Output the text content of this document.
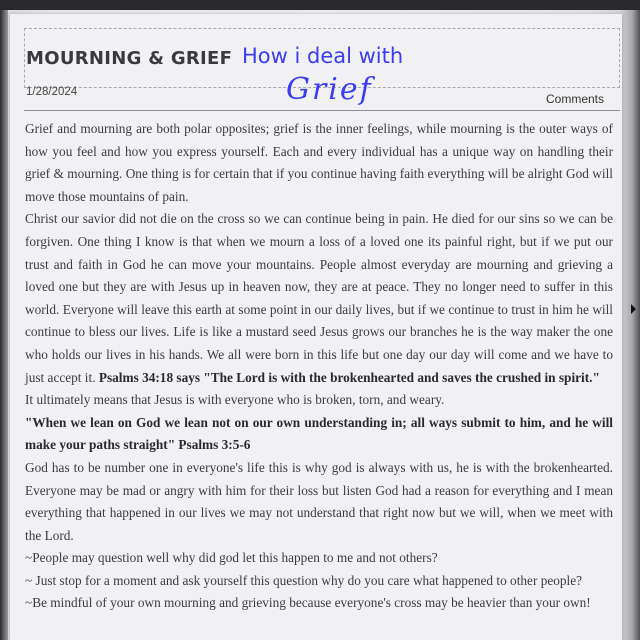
MOURNING & GRIEF How i deal with
Grief
1/28/2024	Comments

Grief and mourning are both polar opposites; grief is the inner feelings, while mourning is the outer ways of how you feel and how you express yourself. Each and every individual has a unique way on handling their grief & mourning. One thing is for certain that if you continue having faith everything will be alright God will move those mountains of pain.

Christ our savior did not die on the cross so we can continue being in pain. He died for our sins so we can be forgiven. One thing I know is that when we mourn a loss of a loved one its painful right, but if we put our trust and faith in God he can move your mountains. People almost everyday are mourning and grieving a loved one but they are with Jesus up in heaven now, they are at peace. They no longer need to suffer in this world. Everyone will leave this earth at some point in our daily lives, but if we continue to trust in him he will continue to bless our lives. Life is like a mustard seed Jesus grows our branches he is the way maker the one who holds our lives in his hands. We all were born in this life but one day our day will come and we have to just accept it. Psalms 34:18 says "The Lord is with the brokenhearted and saves the crushed in spirit."

It ultimately means that Jesus is with everyone who is broken, torn, and weary.

"When we lean on God we lean not on our own understanding in; all ways submit to him, and he will make your paths straight" Psalms 3:5-6

God has to be number one in everyone's life this is why god is always with us, he is with the brokenhearted. Everyone may be mad or angry with him for their loss but listen God had a reason for everything and I mean everything that happened in our lives we may not understand that right now but we will, when we meet with the Lord.

~People may question well why did god let this happen to me and not others?

~ Just stop for a moment and ask yourself this question why do you care what happened to other people?

~Be mindful of your own mourning and grieving because everyone's cross may be heavier than your own!
